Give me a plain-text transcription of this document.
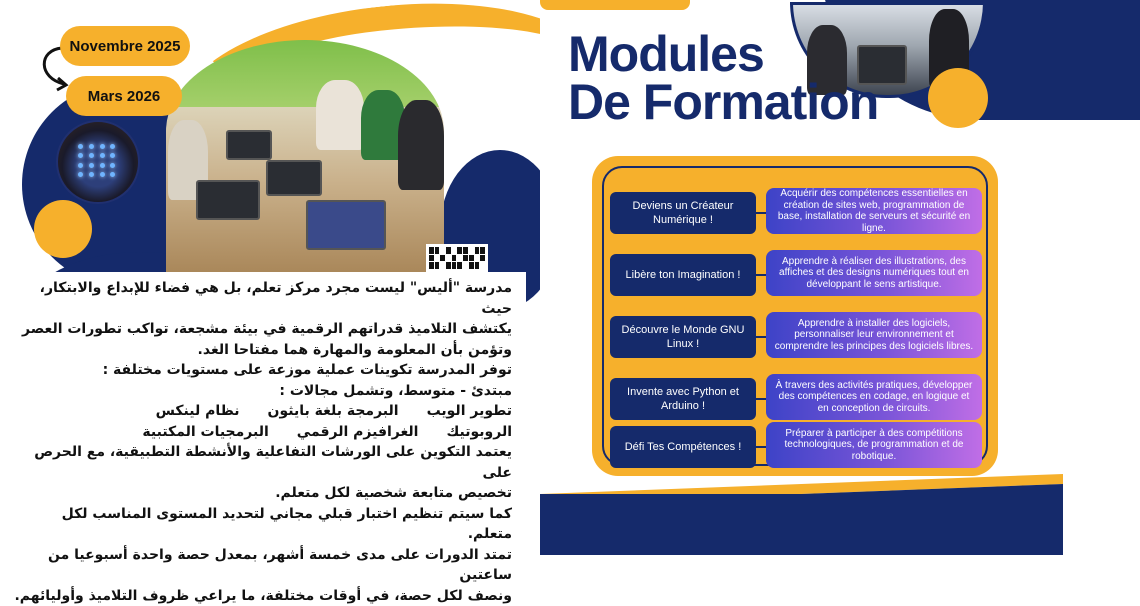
Novembre 2025
Mars 2026

مدرسة "أليس" ليست مجرد مركز تعلم، بل هي فضاء للإبداع والابتكار، حيث

يكتشف التلاميذ قدراتهم الرقمية في بيئة مشجعة، تواكب تطورات العصر

وتؤمن بأن المعلومة والمهارة هما مفتاحا الغد.

توفر المدرسة تكوينات عملية موزعة على مستويات مختلفة :

مبتدئ - متوسط، وتشمل مجالات :

تطوير الويب
البرمجة بلغة بايثون
نظام لينكس
الروبوتيك
الغرافيزم الرقمي
البرمجيات المكتبية

يعتمد التكوين على الورشات التفاعلية والأنشطة التطبيقية، مع الحرص على

تخصيص متابعة شخصية لكل متعلم.

كما سيتم تنظيم اختبار قبلي مجاني لتحديد المستوى المناسب لكل متعلم.

تمتد الدورات على مدى خمسة أشهر، بمعدل حصة واحدة أسبوعيا من ساعتين

ونصف لكل حصة، في أوقات مختلفة، ما يراعي ظروف التلاميذ وأوليائهم.

Modules
De Formation
Deviens un Créateur Numérique !
Acquérir des compétences essentielles en création de sites web, programmation de base, installation de serveurs et sécurité en ligne.
Libère ton Imagination !
Apprendre à réaliser des illustrations, des affiches et des designs numériques tout en développant le sens artistique.
Découvre le Monde GNU Linux !
Apprendre à installer des logiciels, personnaliser leur environnement et comprendre les principes des logiciels libres.
Invente avec Python et Arduino !
À travers des activités pratiques, développer des compétences en codage, en logique et en conception de circuits.
Défi Tes Compétences !
Préparer à participer à des compétitions technologiques, de programmation et de robotique.
